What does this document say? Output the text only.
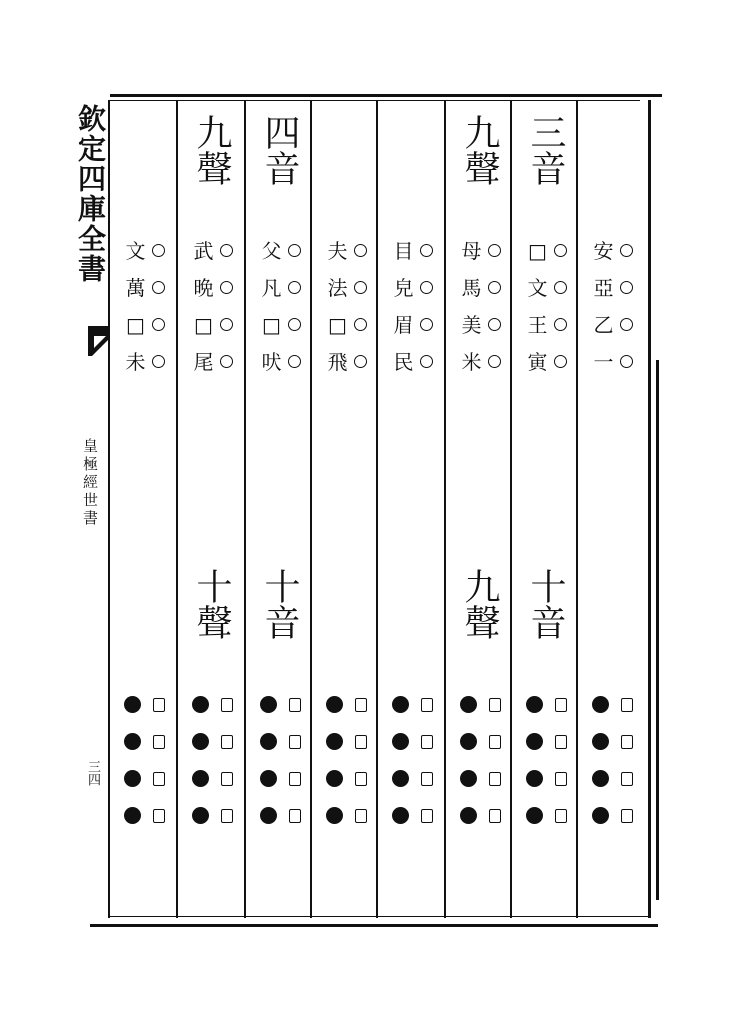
欽定四庫全書
皇極經世書
三四
安
亞
乙
一
三音
十音
□
文
王
寅
九聲
九聲
母
馬
美
米
目
皃
眉
民
夫
法
□
飛
四音
十音
父
凡
□
吠
九聲
十聲
武
晩
□
尾
文
萬
□
未
